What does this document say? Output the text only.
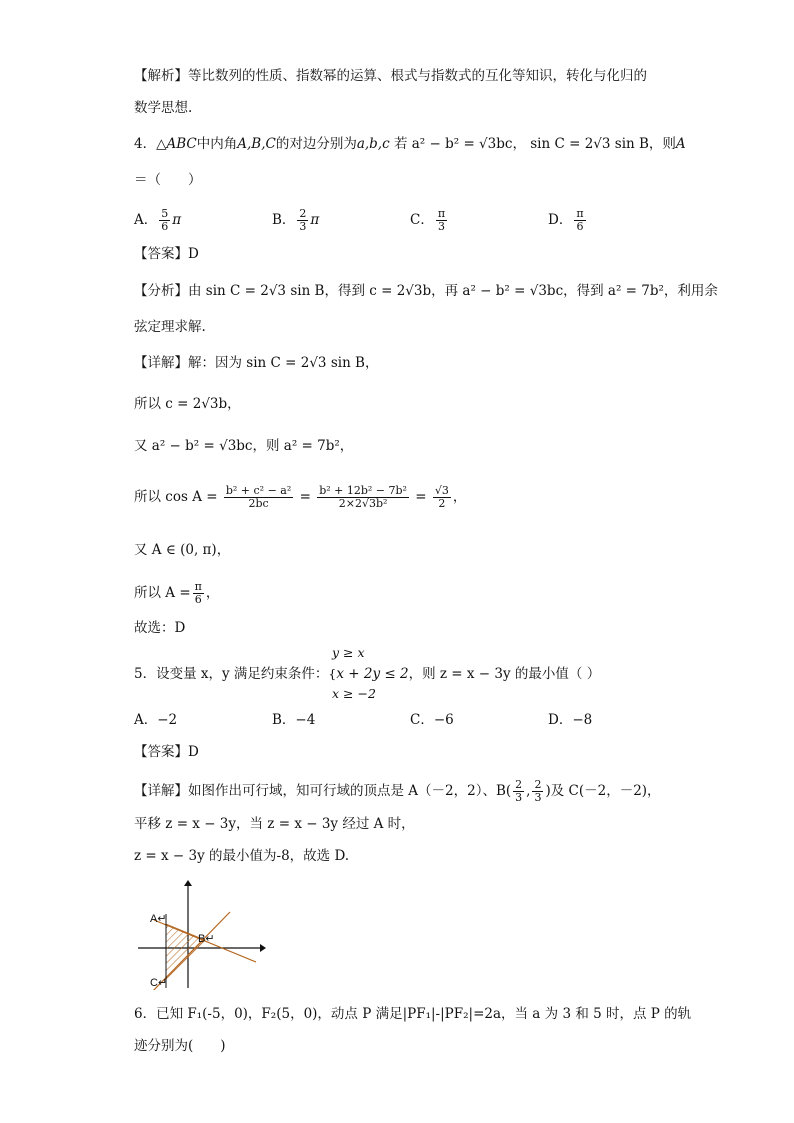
【解析】等比数列的性质、指数幂的运算、根式与指数式的互化等知识，转化与化归的
数学思想.
4．△ABC中内角A,B,C的对边分别为a,b,c 若 a² − b² = √3bc， sin C = 2√3 sin B，则A
＝（　　）
A． $\frac{5}{6}$ π	B． $\frac{2}{3}$ π	C． $\frac{\pi}{3}$	D． $\frac{\pi}{6}$
【答案】D
【分析】由 sin C = 2√3 sin B，得到 c = 2√3b，再 a² − b² = √3bc，得到 a² = 7b²，利用余
弦定理求解.
【详解】解：因为 sin C = 2√3 sin B，
所以 c = 2√3b，
又 a² − b² = √3bc，则 a² = 7b²，
所以 $\cos A = \frac{\text{b² + c² − a²}}{2bc} = \frac{\text{b² + 12b² − 7b²}}{\text{2×2√3b²}} = \frac{√3}{2}$ ，
又 A ∈ (0, π)，
所以 $A = \frac{\pi}{6}$ ，
故选：D
y ≥ x
5．设变量 x，y 满足约束条件：{x + 2y ≤ 2，则 z = x − 3y 的最小值（ ）
x ≥ −2
A．−2	B．−4	C．−6	D．−8
【答案】D
【详解】如图作出可行域，知可行域的顶点是 A（－2，2）、$B( \frac{2}{3}$ , $\frac{2}{3}$ )及 C(－2，－2)，
平移 z = x − 3y，当 z = x − 3y 经过 A 时，
z = x − 3y 的最小值为-8，故选 D.
A↵
B↵
C↵
6．已知 F₁(-5，0)，F₂(5，0)，动点 P 满足|PF₁|-|PF₂|=2a，当 a 为 3 和 5 时，点 P 的轨
迹分别为(　　)
